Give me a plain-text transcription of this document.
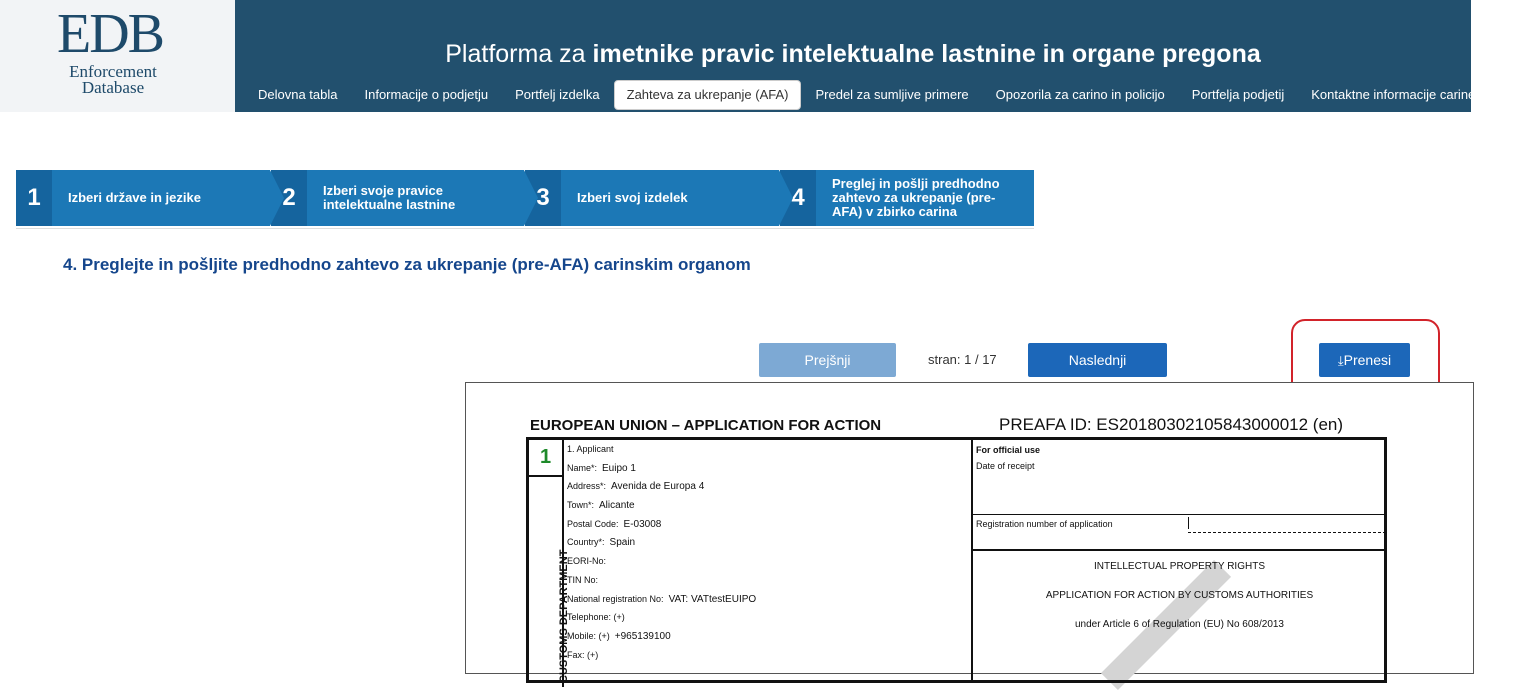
EDB
Enforcement
Database
Platforma za imetnike pravic intelektualne lastnine in organe pregona
Delovna tabla Informacije o podjetju Portfelj izdelka Zahteva za ukrepanje (AFA) Predel za sumljive primere Opozorila za carino in policijo Portfelja podjetij Kontaktne informacije carine in p
1	Izberi države in jezike	2	Izberi svoje pravice intelektualne lastnine	3	Izberi svoj izdelek	4
Preglej in pošlji predhodno zahtevo za ukrepanje (pre-AFA) v zbirko carina
4. Preglejte in pošljite predhodno zahtevo za ukrepanje (pre-AFA) carinskim organom
Prejšnji	stran: 1 / 17	Naslednji	⤓Prenesi
EUROPEAN UNION – APPLICATION FOR ACTION	PREAFA ID: ES20180302105843000012 (en)
1
CUSTOMS DEPARTMENT
1. Applicant
Name*: Euipo 1
Address*: Avenida de Europa 4
Town*: Alicante
Postal Code: E-03008
Country*: Spain
EORI-No:
TIN No:
National registration No: VAT: VATtestEUIPO
Telephone: (+)
Mobile: (+) +965139100
Fax: (+)
For official use
Date of receipt
Registration number of application
INTELLECTUAL PROPERTY RIGHTS
APPLICATION FOR ACTION BY CUSTOMS AUTHORITIES
under Article 6 of Regulation (EU) No 608/2013
